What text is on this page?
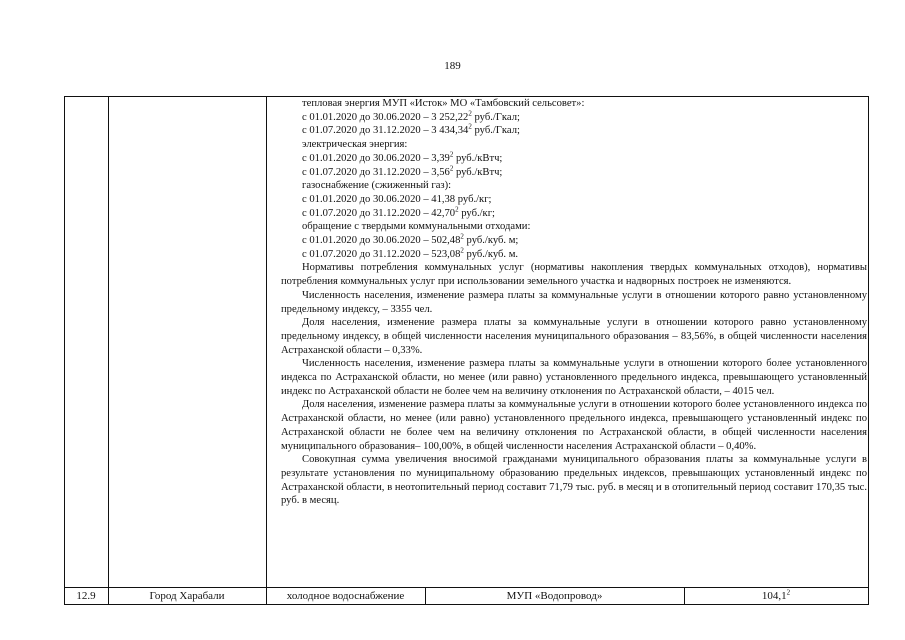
189
тепловая энергия МУП «Исток» МО «Тамбовский сельсовет»:
с 01.01.2020 до 30.06.2020 – 3 252,22$^2$ руб./Гкал;
с 01.07.2020 до 31.12.2020 – 3 434,34$^2$ руб./Гкал;
электрическая энергия:
с 01.01.2020 до 30.06.2020 – 3,39$^2$ руб./кВтч;
с 01.07.2020 до 31.12.2020 – 3,56$^2$ руб./кВтч;
газоснабжение (сжиженный газ):
с 01.01.2020 до 30.06.2020 – 41,38 руб./кг;
с 01.07.2020 до 31.12.2020 – 42,70$^2$ руб./кг;
обращение с твердыми коммунальными отходами:
с 01.01.2020 до 30.06.2020 – 502,48$^2$ руб./куб. м;
с 01.07.2020 до 31.12.2020 – 523,08$^2$ руб./куб. м.
Нормативы потребления коммунальных услуг (нормативы накопления твердых коммунальных отходов), нормативы потребления коммунальных услуг при использовании земельного участка и надворных построек не изменяются.
Численность населения, изменение размера платы за коммунальные услуги в отношении которого равно установленному предельному индексу, – 3355 чел.
Доля населения, изменение размера платы за коммунальные услуги в отношении которого равно установленному предельному индексу, в общей численности населения муниципального образования – 83,56%, в общей численности населения Астраханской области – 0,33%.
Численность населения, изменение размера платы за коммунальные услуги в отношении которого более установленного индекса по Астраханской области, но менее (или равно) установленного предельного индекса, превышающего установленный индекс по Астраханской области не более чем на величину отклонения по Астраханской области, – 4015 чел.
Доля населения, изменение размера платы за коммунальные услуги в отношении которого более установленного индекса по Астраханской области, но менее (или равно) установленного предельного индекса, превышающего установленный индекс по Астраханской области не более чем на величину отклонения по Астраханской области, в общей численности населения муниципального образования– 100,00%, в общей численности населения Астраханской области – 0,40%.
Совокупная сумма увеличения вносимой гражданами муниципального образования платы за коммунальные услуги в результате установления по муниципальному образованию предельных индексов, превышающих установленный индекс по Астраханской области, в неотопительный период составит 71,79 тыс. руб. в месяц и в отопительный период составит 170,35 тыс. руб. в месяц.
12.9	Город Харабали	холодное водоснабжение	МУП «Водопровод»	104,1$^2$
